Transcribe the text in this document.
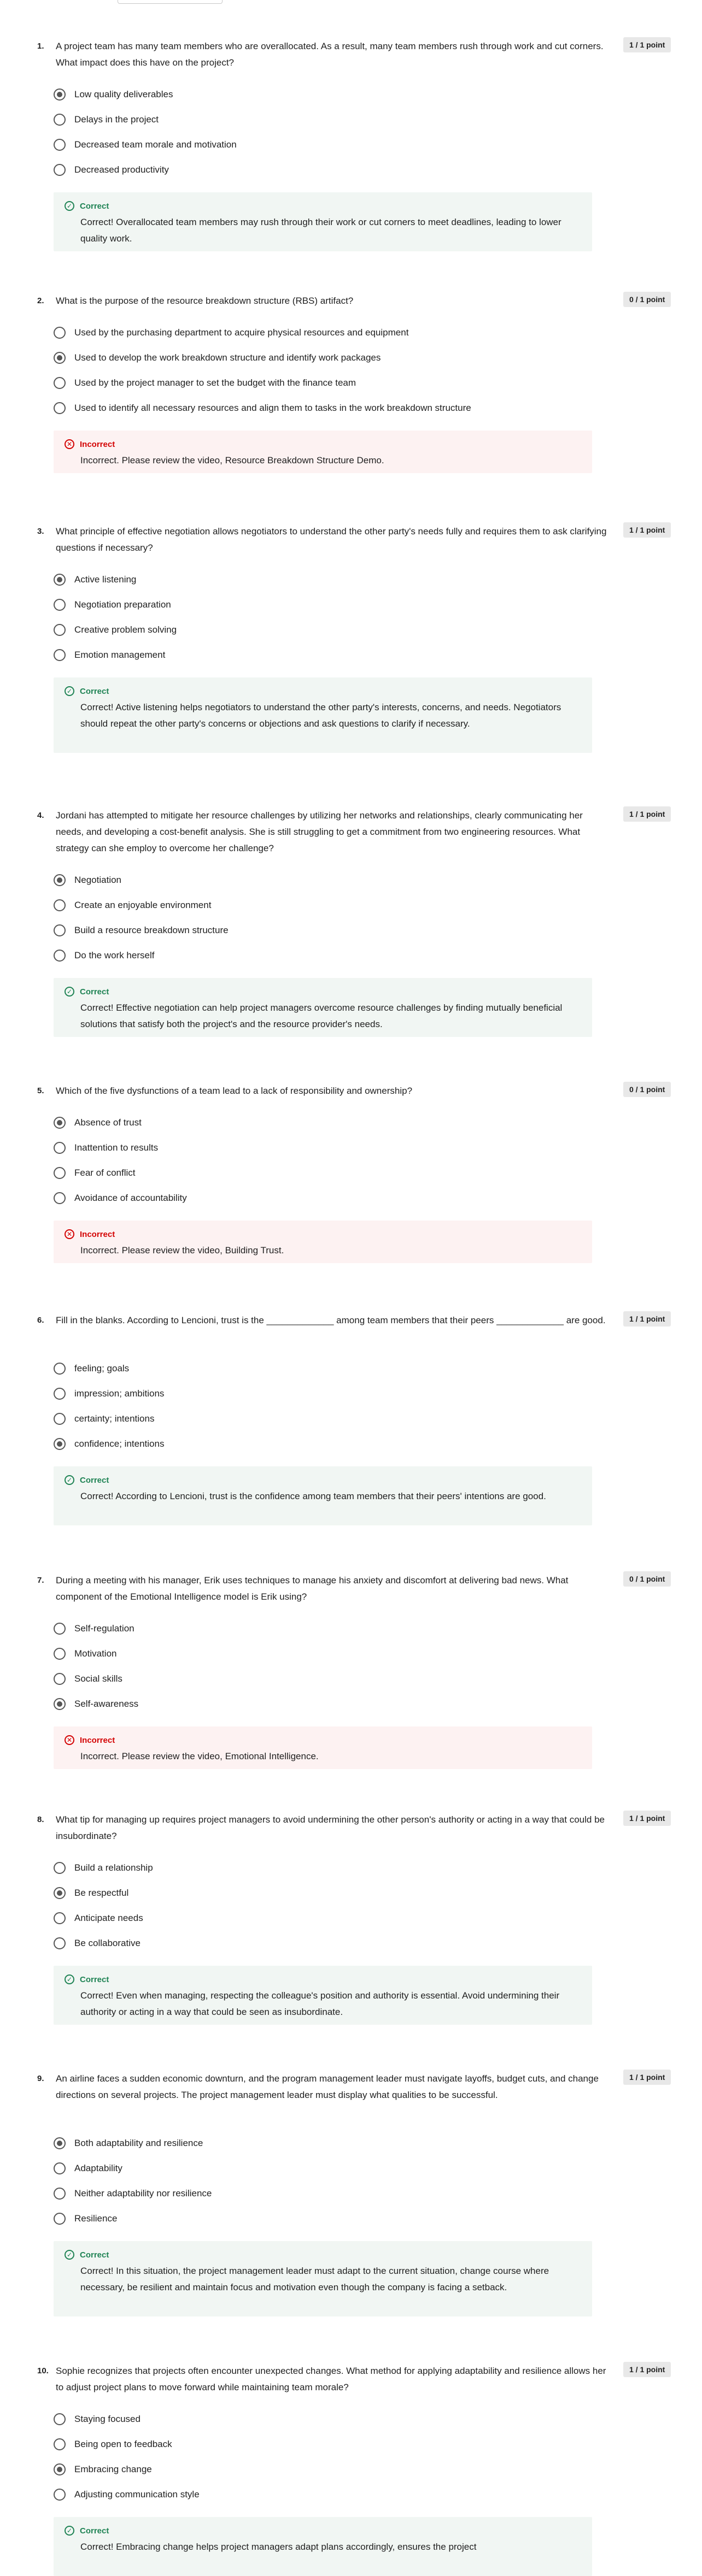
1. A project team has many team members who are overallocated. As a result, many team members rush through work and cut corners. What impact does this have on the project?
1 / 1 point
Low quality deliverables
Delays in the project
Decreased team morale and motivation
Decreased productivity
✓ Correct
Correct! Overallocated team members may rush through their work or cut corners to meet deadlines, leading to lower quality work.
2. What is the purpose of the resource breakdown structure (RBS) artifact?	0 / 1 point
Used by the purchasing department to acquire physical resources and equipment
Used to develop the work breakdown structure and identify work packages
Used by the project manager to set the budget with the finance team
Used to identify all necessary resources and align them to tasks in the work breakdown structure
✕ Incorrect
Incorrect. Please review the video, Resource Breakdown Structure Demo.
3. What principle of effective negotiation allows negotiators to understand the other party's needs fully and requires them to ask clarifying questions if necessary?
1 / 1 point
Active listening
Negotiation preparation
Creative problem solving
Emotion management
✓ Correct
Correct! Active listening helps negotiators to understand the other party's interests, concerns, and needs. Negotiators should repeat the other party's concerns or objections and ask questions to clarify if necessary.
4. Jordani has attempted to mitigate her resource challenges by utilizing her networks and relationships, clearly communicating her needs, and developing a cost-benefit analysis. She is still struggling to get a commitment from two engineering resources. What strategy can she employ to overcome her challenge?
1 / 1 point
Negotiation
Create an enjoyable environment
Build a resource breakdown structure
Do the work herself
✓ Correct
Correct! Effective negotiation can help project managers overcome resource challenges by finding mutually beneficial solutions that satisfy both the project's and the resource provider's needs.
5. Which of the five dysfunctions of a team lead to a lack of responsibility and ownership?	0 / 1 point
Absence of trust
Inattention to results
Fear of conflict
Avoidance of accountability
✕ Incorrect
Incorrect. Please review the video, Building Trust.
6. Fill in the blanks. According to Lencioni, trust is the _____________ among team members that their peers _____________ are good.	1 / 1 point
feeling; goals
impression; ambitions
certainty; intentions
confidence; intentions
✓ Correct
Correct! According to Lencioni, trust is the confidence among team members that their peers' intentions are good.
7. During a meeting with his manager, Erik uses techniques to manage his anxiety and discomfort at delivering bad news. What component of the Emotional Intelligence model is Erik using?
0 / 1 point
Self-regulation
Motivation
Social skills
Self-awareness
✕ Incorrect
Incorrect. Please review the video, Emotional Intelligence.
8. What tip for managing up requires project managers to avoid undermining the other person's authority or acting in a way that could be insubordinate?
1 / 1 point
Build a relationship
Be respectful
Anticipate needs
Be collaborative
✓ Correct
Correct! Even when managing, respecting the colleague's position and authority is essential. Avoid undermining their authority or acting in a way that could be seen as insubordinate.
9. An airline faces a sudden economic downturn, and the program management leader must navigate layoffs, budget cuts, and change directions on several projects. The project management leader must display what qualities to be successful.
1 / 1 point
Both adaptability and resilience
Adaptability
Neither adaptability nor resilience
Resilience
✓ Correct
Correct! In this situation, the project management leader must adapt to the current situation, change course where necessary, be resilient and maintain focus and motivation even though the company is facing a setback.
10. Sophie recognizes that projects often encounter unexpected changes. What method for applying adaptability and resilience allows her to adjust project plans to move forward while maintaining team morale?
1 / 1 point
Staying focused
Being open to feedback
Embracing change
Adjusting communication style
✓ Correct
Correct! Embracing change helps project managers adapt plans accordingly, ensures the project
